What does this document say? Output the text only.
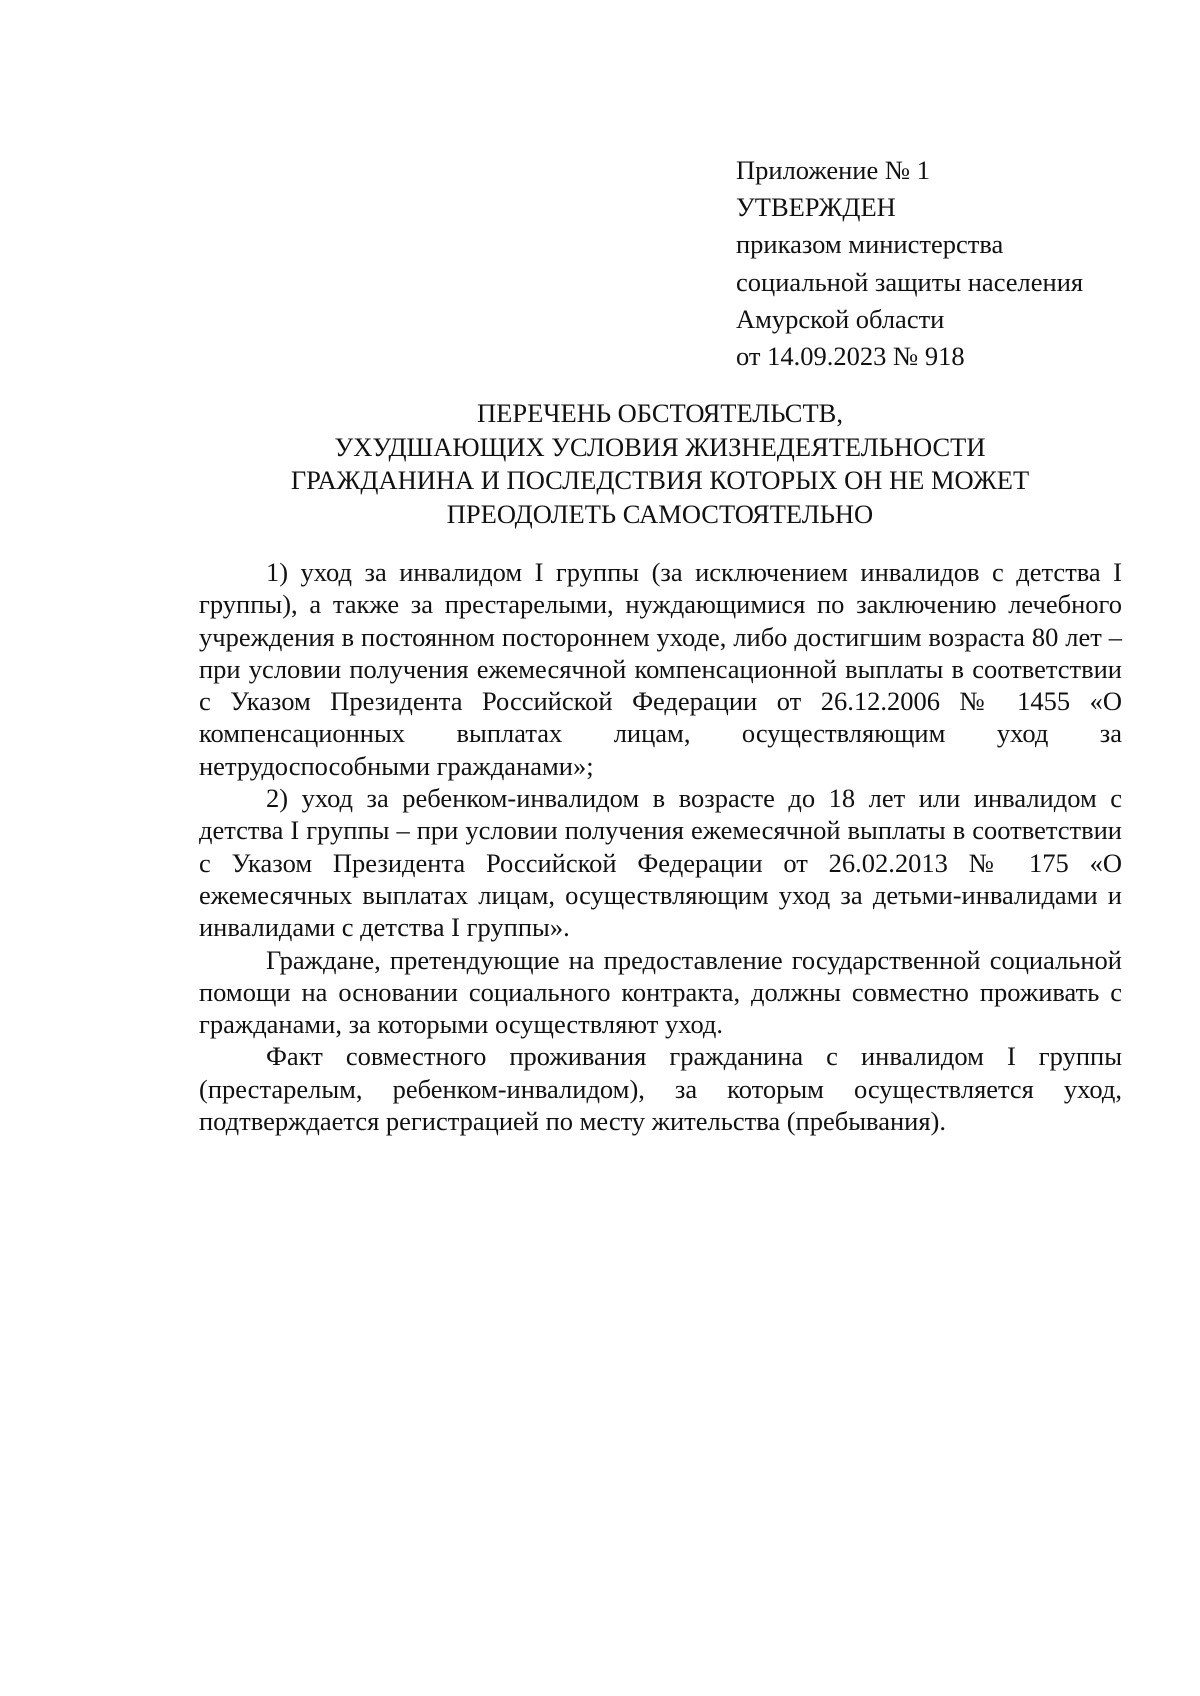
Приложение № 1
УТВЕРЖДЕН
приказом министерства
социальной защиты населения
Амурской области
от 14.09.2023 № 918
ПЕРЕЧЕНЬ ОБСТОЯТЕЛЬСТВ,
УХУДШАЮЩИХ УСЛОВИЯ ЖИЗНЕДЕЯТЕЛЬНОСТИ
ГРАЖДАНИНА И ПОСЛЕДСТВИЯ КОТОРЫХ ОН НЕ МОЖЕТ
ПРЕОДОЛЕТЬ САМОСТОЯТЕЛЬНО

1) уход за инвалидом I группы (за исключением инвалидов с детства I группы), а также за престарелыми, нуждающимися по заключению лечебного учреждения в постоянном постороннем уходе, либо достигшим возраста 80 лет – при условии получения ежемесячной компенсационной выплаты в соответствии с Указом Президента Российской Федерации от 26.12.2006 № 1455 «О компенсационных выплатах лицам, осуществляющим уход за нетрудоспособными гражданами»;

2) уход за ребенком-инвалидом в возрасте до 18 лет или инвалидом с детства I группы – при условии получения ежемесячной выплаты в соответствии с Указом Президента Российской Федерации от 26.02.2013 № 175 «О ежемесячных выплатах лицам, осуществляющим уход за детьми-инвалидами и инвалидами с детства I группы».

Граждане, претендующие на предоставление государственной социальной помощи на основании социального контракта, должны совместно проживать с гражданами, за которыми осуществляют уход.

Факт совместного проживания гражданина с инвалидом I группы (престарелым, ребенком-инвалидом), за которым осуществляется уход, подтверждается регистрацией по месту жительства (пребывания).
